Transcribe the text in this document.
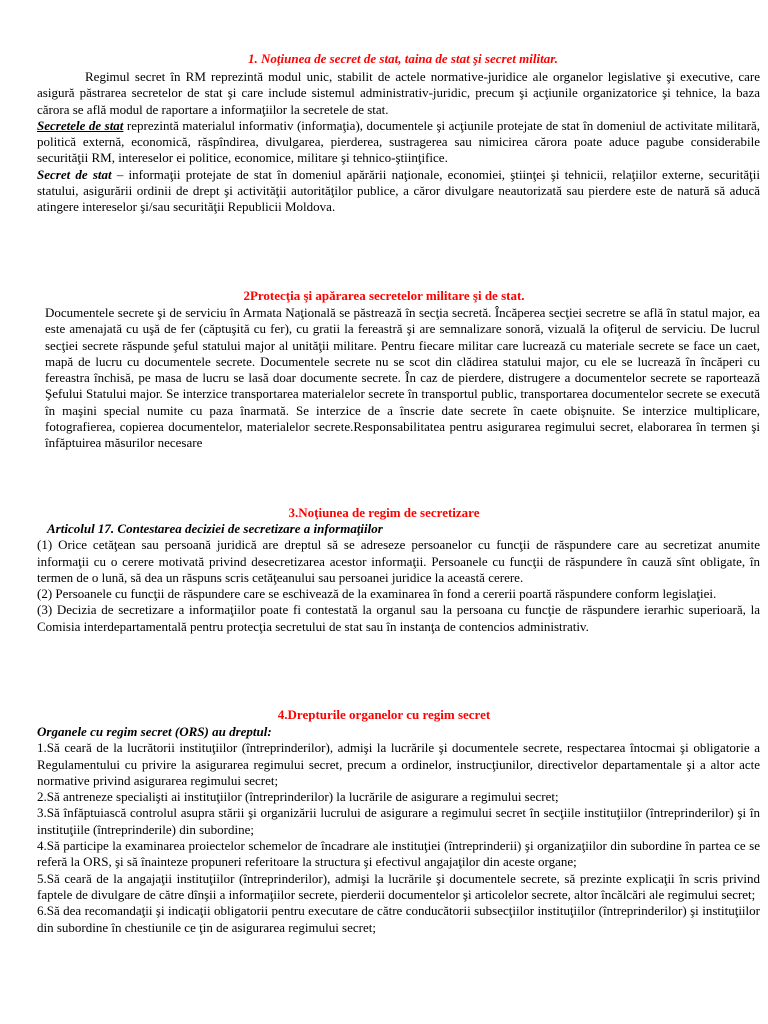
1. Noţiunea de secret de stat, taina de stat şi secret militar.

Regimul secret în RM reprezintă modul unic, stabilit de actele normative-juridice ale organelor legislative şi executive, care asigură păstrarea secretelor de stat şi care include sistemul administrativ-juridic, precum şi acţiunile organizatorice şi tehnice, la baza cărora se află modul de raportare a informaţiilor la secretele de stat.

Secretele de stat reprezintă materialul informativ (informaţia), documentele şi acţiunile protejate de stat în domeniul de activitate militară, politică externă, economică, răspîndirea, divulgarea, pierderea, sustragerea sau nimicirea cărora poate aduce pagube considerabile securităţii RM, intereselor ei politice, economice, militare şi tehnico-ştiinţifice.

Secret de stat – informaţii protejate de stat în domeniul apărării naţionale, economiei, ştiinţei şi tehnicii, relaţiilor externe, securităţii statului, asigurării ordinii de drept şi activităţii autorităţilor publice, a căror divulgare neautorizată sau pierdere este de natură să aducă atingere intereselor şi/sau securităţii Republicii Moldova.

2Protecţia şi apărarea secretelor militare şi de stat.

Documentele secrete şi de serviciu în Armata Naţională se păstrează în secţia secretă. Încăperea secţiei secretre se află în statul major, ea este amenajată cu uşă de fer (căptuşită cu fer), cu gratii la fereastră şi are semnalizare sonoră, vizuală la ofiţerul de serviciu. De lucrul secţiei secrete răspunde şeful statului major al unităţii militare. Pentru fiecare militar care lucrează cu materiale secrete se face un caet, mapă de lucru cu documentele secrete. Documentele secrete nu se scot din clădirea statului major, cu ele se lucrează în încăperi cu fereastra închisă, pe masa de lucru se lasă doar documente secrete. În caz de pierdere, distrugere a documentelor secrete se raportează Şefului Statului major. Se interzice transportarea materialelor secrete în transportul public, transportarea documentelor secrete se execută în maşini special numite cu paza înarmată. Se interzice de a înscrie date secrete în caete obişnuite. Se interzice multiplicare, fotografierea, copierea documentelor, materialelor secrete.Responsabilitatea pentru asigurarea regimului secret, elaborarea în termen şi înfăptuirea măsurilor necesare

3.Noţiunea de regim de secretizare

Articolul 17. Contestarea deciziei de secretizare a informaţiilor

(1) Orice cetăţean sau persoană juridică are dreptul să se adreseze persoanelor cu funcţii de răspundere care au secretizat anumite informaţii cu o cerere motivată privind desecretizarea acestor informaţii. Persoanele cu funcţii de răspundere în cauză sînt obligate, în termen de o lună, să dea un răspuns scris cetăţeanului sau persoanei juridice la această cerere.

(2) Persoanele cu funcţii de răspundere care se eschivează de la examinarea în fond a cererii poartă răspundere conform legislaţiei.

(3) Decizia de secretizare a informaţiilor poate fi contestată la organul sau la persoana cu funcţie de răspundere ierarhic superioară, la Comisia interdepartamentală pentru protecţia secretului de stat sau în instanţa de contencios administrativ.

4.Drepturile organelor cu regim secret

Organele cu regim secret (ORS) au dreptul:

1.Să ceară de la lucrătorii instituţiilor (întreprinderilor), admişi la lucrările şi documentele secrete, respectarea întocmai şi obligatorie a Regulamentului cu privire la asigurarea regimului secret, precum a ordinelor, instrucţiunilor, directivelor departamentale şi a altor acte normative privind asigurarea regimului secret;

2.Să antreneze specialişti ai instituţiilor (întreprinderilor) la lucrările de asigurare a regimului secret;

3.Să înfăptuiască controlul asupra stării şi organizării lucrului de asigurare a regimului secret în secţiile instituţiilor (întreprinderilor) şi în instituţiile (întreprinderile) din subordine;

4.Să participe la examinarea proiectelor schemelor de încadrare ale instituţiei (întreprinderii) şi organizaţiilor din subordine în partea ce se referă la ORS, şi să înainteze propuneri referitoare la structura şi efectivul angajaţilor din aceste organe;

5.Să ceară de la angajaţii instituţiilor (întreprinderilor), admişi la lucrările şi documentele secrete, să prezinte explicaţii în scris privind faptele de divulgare de către dînşii a informaţiilor secrete, pierderii documentelor şi articolelor secrete, altor încălcări ale regimului secret;

6.Să dea recomandaţii şi indicaţii obligatorii pentru executare de către conducătorii subsecţiilor instituţiilor (întreprinderilor) şi instituţiilor din subordine în chestiunile ce ţin de asigurarea regimului secret;
